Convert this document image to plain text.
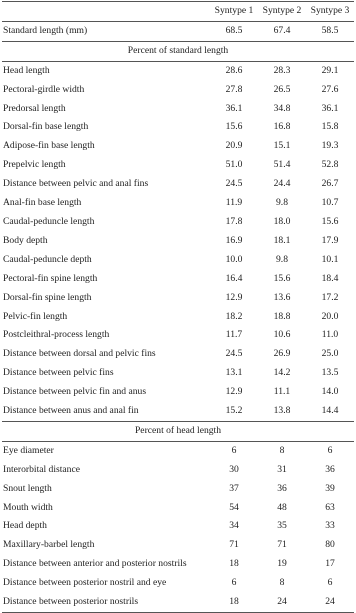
	Syntype 1	Syntype 2	Syntype 3
Standard length (mm)	68.5	67.4	58.5
Percent of standard length			
Head length	28.6	28.3	29.1
Pectoral-girdle width	27.8	26.5	27.6
Predorsal length	36.1	34.8	36.1
Dorsal-fin base length	15.6	16.8	15.8
Adipose-fin base length	20.9	15.1	19.3
Prepelvic length	51.0	51.4	52.8
Distance between pelvic and anal fins	24.5	24.4	26.7
Anal-fin base length	11.9	9.8	10.7
Caudal-peduncle length	17.8	18.0	15.6
Body depth	16.9	18.1	17.9
Caudal-peduncle depth	10.0	9.8	10.1
Pectoral-fin spine length	16.4	15.6	18.4
Dorsal-fin spine length	12.9	13.6	17.2
Pelvic-fin length	18.2	18.8	20.0
Postcleithral-process length	11.7	10.6	11.0
Distance between dorsal and pelvic fins	24.5	26.9	25.0
Distance between pelvic fins	13.1	14.2	13.5
Distance between pelvic fin and anus	12.9	11.1	14.0
Distance between anus and anal fin	15.2	13.8	14.4
Percent of head length			
Eye diameter	6	8	6
Interorbital distance	30	31	36
Snout length	37	36	39
Mouth width	54	48	63
Head depth	34	35	33
Maxillary-barbel length	71	71	80
Distance between anterior and posterior nostrils	18	19	17
Distance between posterior nostril and eye	6	8	6
Distance between posterior nostrils	18	24	24
